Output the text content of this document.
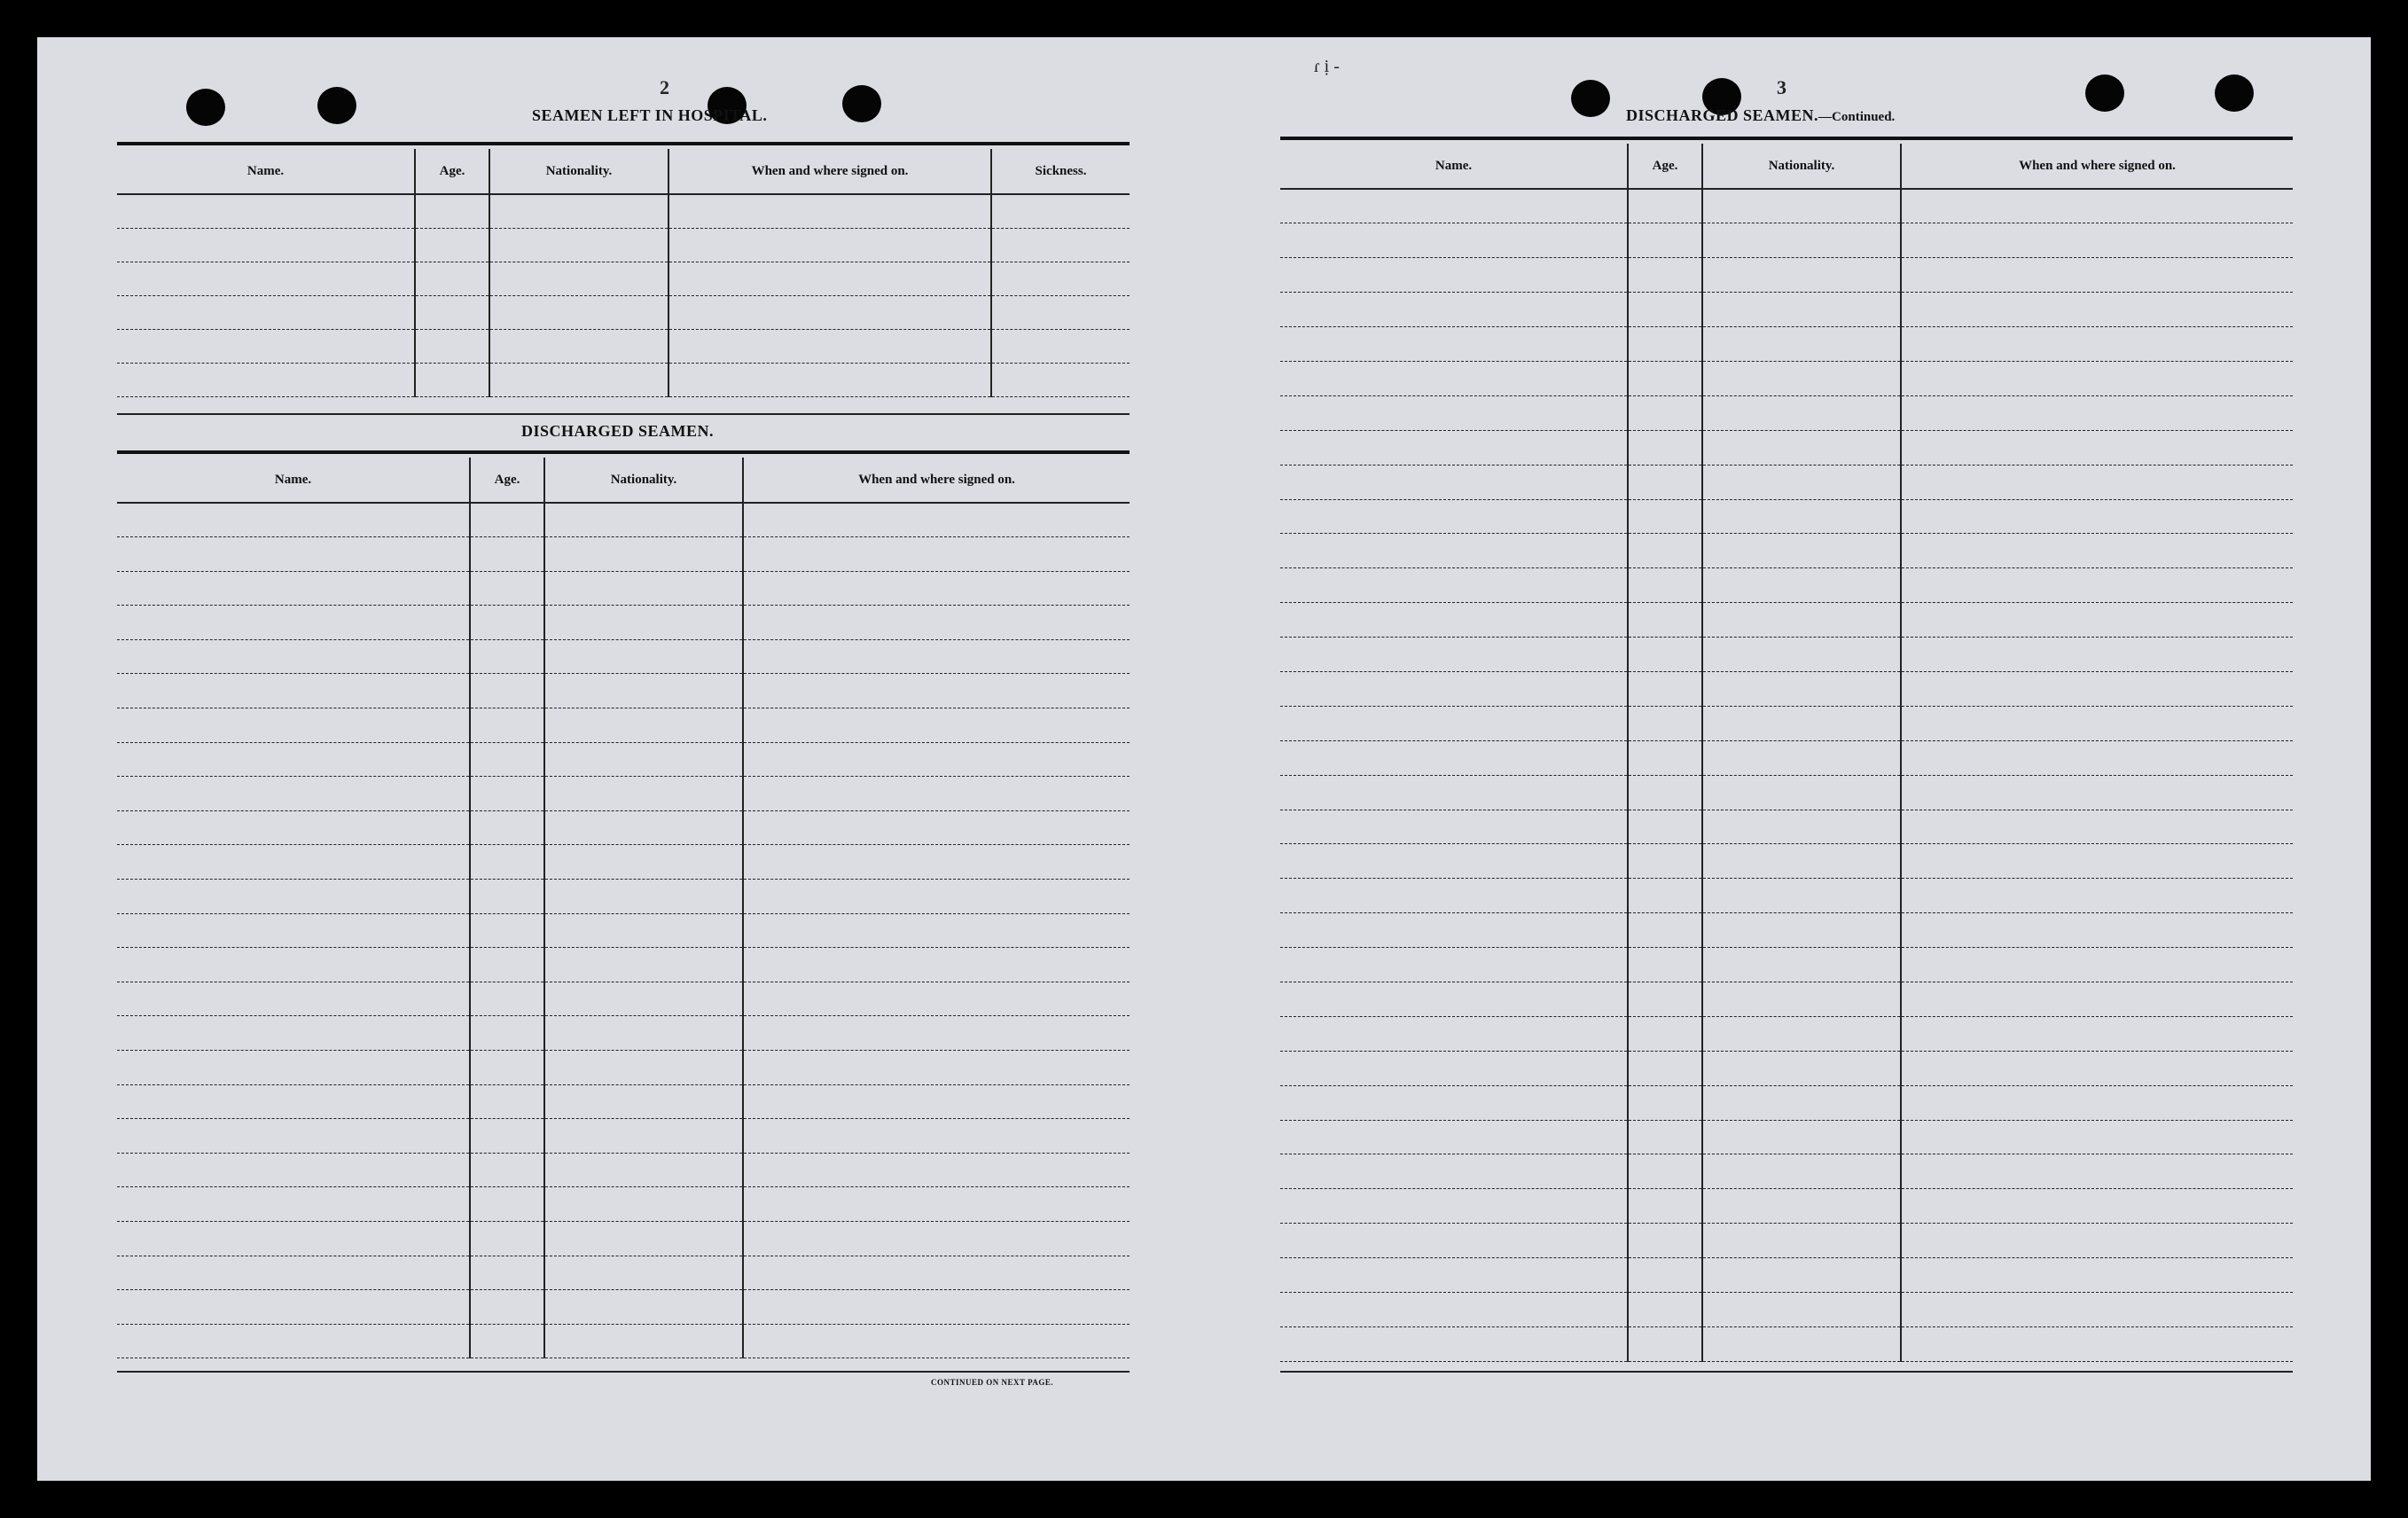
ɾ ị -
2
SEAMEN LEFT IN HOSPITAL.
Name.	Age.	Nationality.	When and where signed on.	Sickness.

DISCHARGED SEAMEN.
Name.	Age.	Nationality.	When and where signed on.

CONTINUED ON NEXT PAGE.
3
DISCHARGED SEAMEN.—Continued.
Name.	Age.	Nationality.	When and where signed on.
